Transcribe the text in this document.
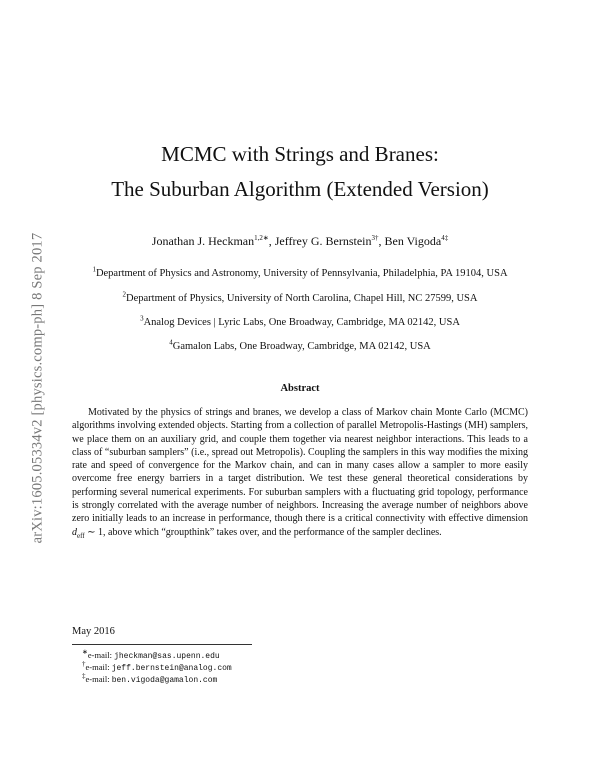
arXiv:1605.05334v2 [physics.comp-ph] 8 Sep 2017
MCMC with Strings and Branes:
The Suburban Algorithm (Extended Version)
Jonathan J. Heckman$^{1,2∗}$, Jeffrey G. Bernstein$^{3\dagger}$, Ben Vigoda$^{4\ddagger}$
$^1$Department of Physics and Astronomy, University of Pennsylvania, Philadelphia, PA 19104, USA
$^2$Department of Physics, University of North Carolina, Chapel Hill, NC 27599, USA
$^3$Analog Devices | Lyric Labs, One Broadway, Cambridge, MA 02142, USA
$^4$Gamalon Labs, One Broadway, Cambridge, MA 02142, USA
Abstract

Motivated by the physics of strings and branes, we develop a class of Markov chain Monte Carlo (MCMC) algorithms involving extended objects. Starting from a collection of parallel Metropolis-Hastings (MH) samplers, we place them on an auxiliary grid, and couple them together via nearest neighbor interactions. This leads to a class of “suburban samplers” (i.e., spread out Metropolis). Coupling the samplers in this way modifies the mixing rate and speed of convergence for the Markov chain, and can in many cases allow a sampler to more easily overcome free energy barriers in a target distribution. We test these general theoretical considerations by performing several numerical experiments. For suburban samplers with a fluctuating grid topology, performance is strongly correlated with the average number of neighbors. Increasing the average number of neighbors above zero initially leads to an increase in performance, though there is a critical connectivity with effective dimension $d_{eff}$ ∼ 1, above which “groupthink” takes over, and the performance of the sampler declines.

May 2016
∗e-mail: jheckman@sas.upenn.edu
†e-mail: jeff.bernstein@analog.com
‡e-mail: ben.vigoda@gamalon.com
